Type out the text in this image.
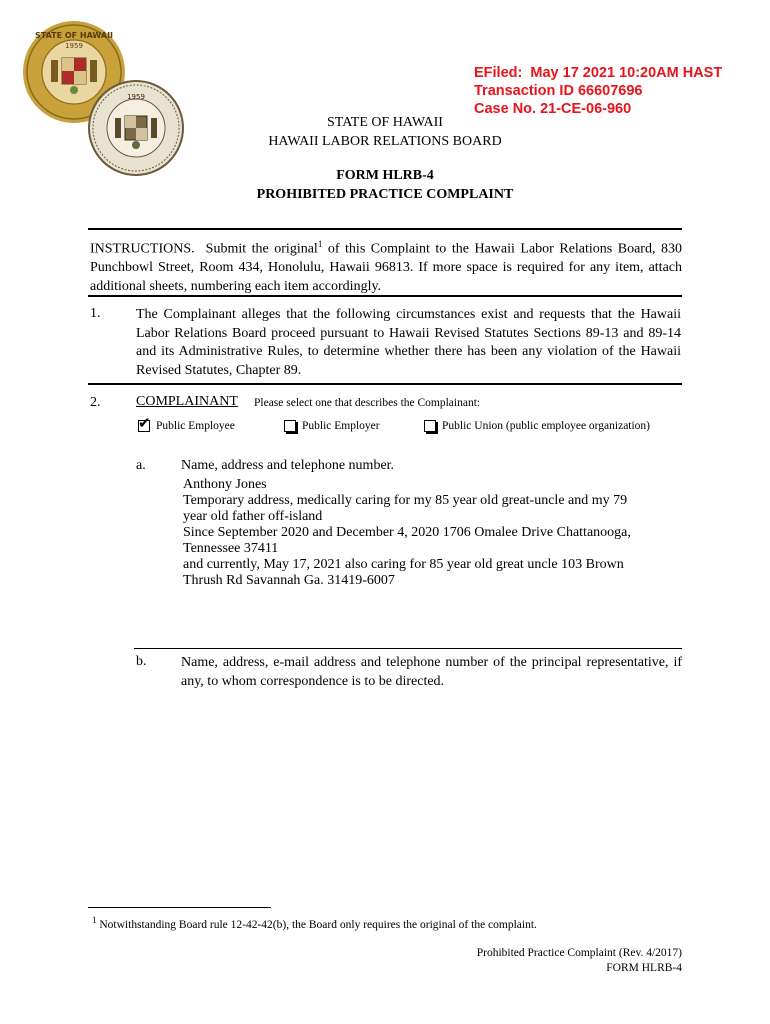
STATE OF HAWAII
1959
1959
EFiled:  May 17 2021 10:20AM HAST
Transaction ID 66607696
Case No. 21-CE-06-960
STATE OF HAWAII
HAWAII LABOR RELATIONS BOARD
FORM HLRB-4
PROHIBITED PRACTICE COMPLAINT
INSTRUCTIONS.  Submit the original$^1$ of this Complaint to the Hawaii Labor Relations Board, 830 Punchbowl Street, Room 434, Honolulu, Hawaii 96813. If more space is required for any item, attach additional sheets, numbering each item accordingly.
1.	The Complainant alleges that the following circumstances exist and requests that the Hawaii Labor Relations Board proceed pursuant to Hawaii Revised Statutes Sections 89-13 and 89-14 and its Administrative Rules, to determine whether there has been any violation of the Hawaii Revised Statutes, Chapter 89.
2.	COMPLAINANT Please select one that describes the Complainant:
✔ Public Employee	Public Employer	Public Union (public employee organization)
a.	Name, address and telephone number.
Anthony Jones
Temporary address, medically caring for my 85 year old great-uncle and my 79
year old father off-island
Since September 2020 and December 4, 2020 1706 Omalee Drive Chattanooga,
Tennessee 37411
and currently, May 17, 2021 also caring for 85 year old great uncle 103 Brown
Thrush Rd Savannah Ga. 31419-6007
b. Name, address, e-mail address and telephone number of the principal representative, if any, to whom correspondence is to be directed.
$^1$ Notwithstanding Board rule 12-42-42(b), the Board only requires the original of the complaint.
Prohibited Practice Complaint (Rev. 4/2017)
FORM HLRB-4
